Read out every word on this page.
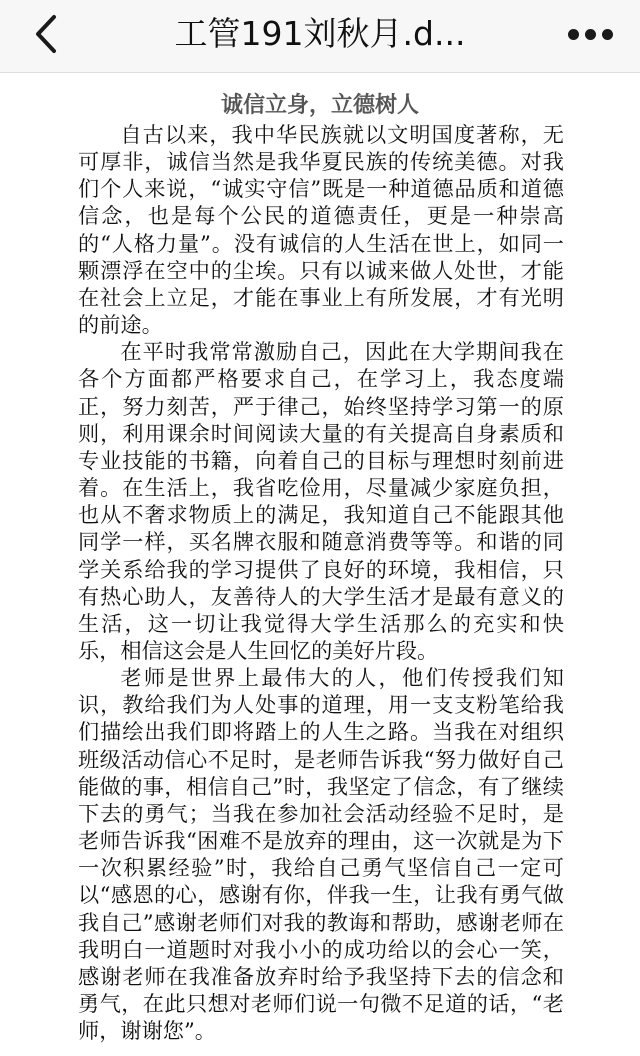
工管191刘秋月.d...
诚信立身，立德树人

自古以来，我中华民族就以文明国度著称，无可厚非，诚信当然是我华夏民族的传统美德。对我们个人来说，“诚实守信”既是一种道德品质和道德信念，也是每个公民的道德责任，更是一种崇高的“人格力量”。没有诚信的人生活在世上，如同一颗漂浮在空中的尘埃。只有以诚来做人处世，才能在社会上立足，才能在事业上有所发展，才有光明的前途。

在平时我常常激励自己，因此在大学期间我在各个方面都严格要求自己，在学习上，我态度端正，努力刻苦，严于律己，始终坚持学习第一的原则，利用课余时间阅读大量的有关提高自身素质和专业技能的书籍，向着自己的目标与理想时刻前进着。在生活上，我省吃俭用，尽量减少家庭负担，也从不奢求物质上的满足，我知道自己不能跟其他同学一样，买名牌衣服和随意消费等等。和谐的同学关系给我的学习提供了良好的环境，我相信，只有热心助人，友善待人的大学生活才是最有意义的生活，这一切让我觉得大学生活那么的充实和快乐，相信这会是人生回忆的美好片段。

老师是世界上最伟大的人，他们传授我们知识，教给我们为人处事的道理，用一支支粉笔给我们描绘出我们即将踏上的人生之路。当我在对组织班级活动信心不足时，是老师告诉我“努力做好自己能做的事，相信自己”时，我坚定了信念，有了继续下去的勇气；当我在参加社会活动经验不足时，是老师告诉我“困难不是放弃的理由，这一次就是为下一次积累经验”时，我给自己勇气坚信自己一定可以“感恩的心，感谢有你，伴我一生，让我有勇气做我自己”感谢老师们对我的教诲和帮助，感谢老师在我明白一道题时对我小小的成功给以的会心一笑，感谢老师在我准备放弃时给予我坚持下去的信念和勇气，在此只想对老师们说一句微不足道的话，“老师，谢谢您”。
